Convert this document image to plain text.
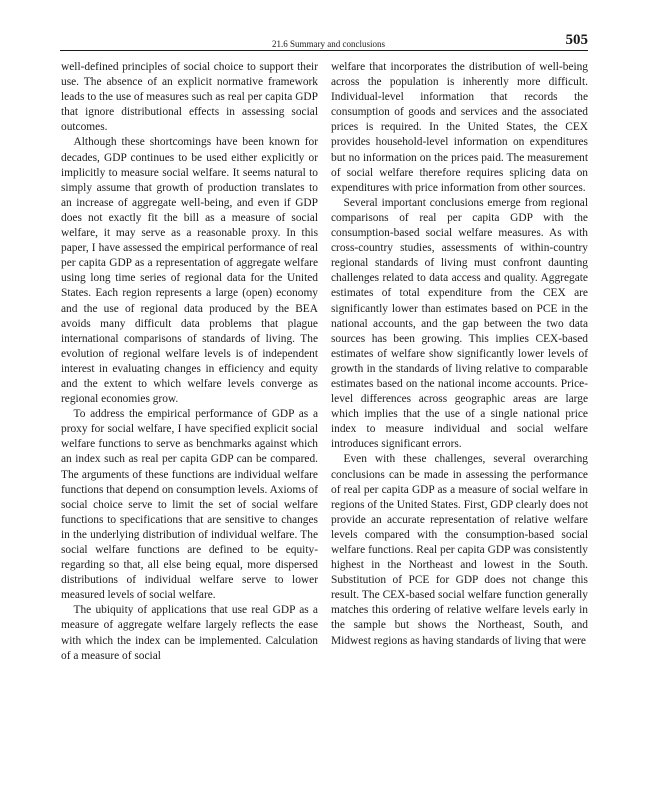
21.6 Summary and conclusions	505

well-defined principles of social choice to support their use. The absence of an explicit normative framework leads to the use of measures such as real per capita GDP that ignore distributional effects in assessing social outcomes.

Although these shortcomings have been known for decades, GDP continues to be used either explicitly or implicitly to measure social welfare. It seems natural to simply assume that growth of production translates to an increase of aggregate well-being, and even if GDP does not exactly fit the bill as a measure of social welfare, it may serve as a reasonable proxy. In this paper, I have assessed the empirical performance of real per capita GDP as a representation of aggregate welfare using long time series of regional data for the United States. Each region represents a large (open) economy and the use of regional data produced by the BEA avoids many difficult data problems that plague international comparisons of standards of living. The evolution of regional welfare levels is of independent interest in evaluating changes in efficiency and equity and the extent to which welfare levels converge as regional economies grow.

To address the empirical performance of GDP as a proxy for social welfare, I have specified explicit social welfare functions to serve as benchmarks against which an index such as real per capita GDP can be compared. The arguments of these functions are individual welfare functions that depend on consumption levels. Axioms of social choice serve to limit the set of social welfare functions to specifications that are sensitive to changes in the underlying distribution of individual welfare. The social welfare functions are defined to be equity-regarding so that, all else being equal, more dispersed distributions of individual welfare serve to lower measured levels of social welfare.

The ubiquity of applications that use real GDP as a measure of aggregate welfare largely reflects the ease with which the index can be implemented. Calculation of a measure of social

welfare that incorporates the distribution of well-being across the population is inherently more difficult. Individual-level information that records the consumption of goods and services and the associated prices is required. In the United States, the CEX provides household-level information on expenditures but no information on the prices paid. The measurement of social welfare therefore requires splicing data on expenditures with price information from other sources.

Several important conclusions emerge from regional comparisons of real per capita GDP with the consumption-based social welfare measures. As with cross-country studies, assessments of within-country regional standards of living must confront daunting challenges related to data access and quality. Aggregate estimates of total expenditure from the CEX are significantly lower than estimates based on PCE in the national accounts, and the gap between the two data sources has been growing. This implies CEX-based estimates of welfare show significantly lower levels of growth in the standards of living relative to comparable estimates based on the national income accounts. Price-level differences across geographic areas are large which implies that the use of a single national price index to measure individual and social welfare introduces significant errors.

Even with these challenges, several overarching conclusions can be made in assessing the performance of real per capita GDP as a measure of social welfare in regions of the United States. First, GDP clearly does not provide an accurate representation of relative welfare levels compared with the consumption-based social welfare functions. Real per capita GDP was consistently highest in the Northeast and lowest in the South. Substitution of PCE for GDP does not change this result. The CEX-based social welfare function generally matches this ordering of relative welfare levels early in the sample but shows the Northeast, South, and Midwest regions as having standards of living that were
